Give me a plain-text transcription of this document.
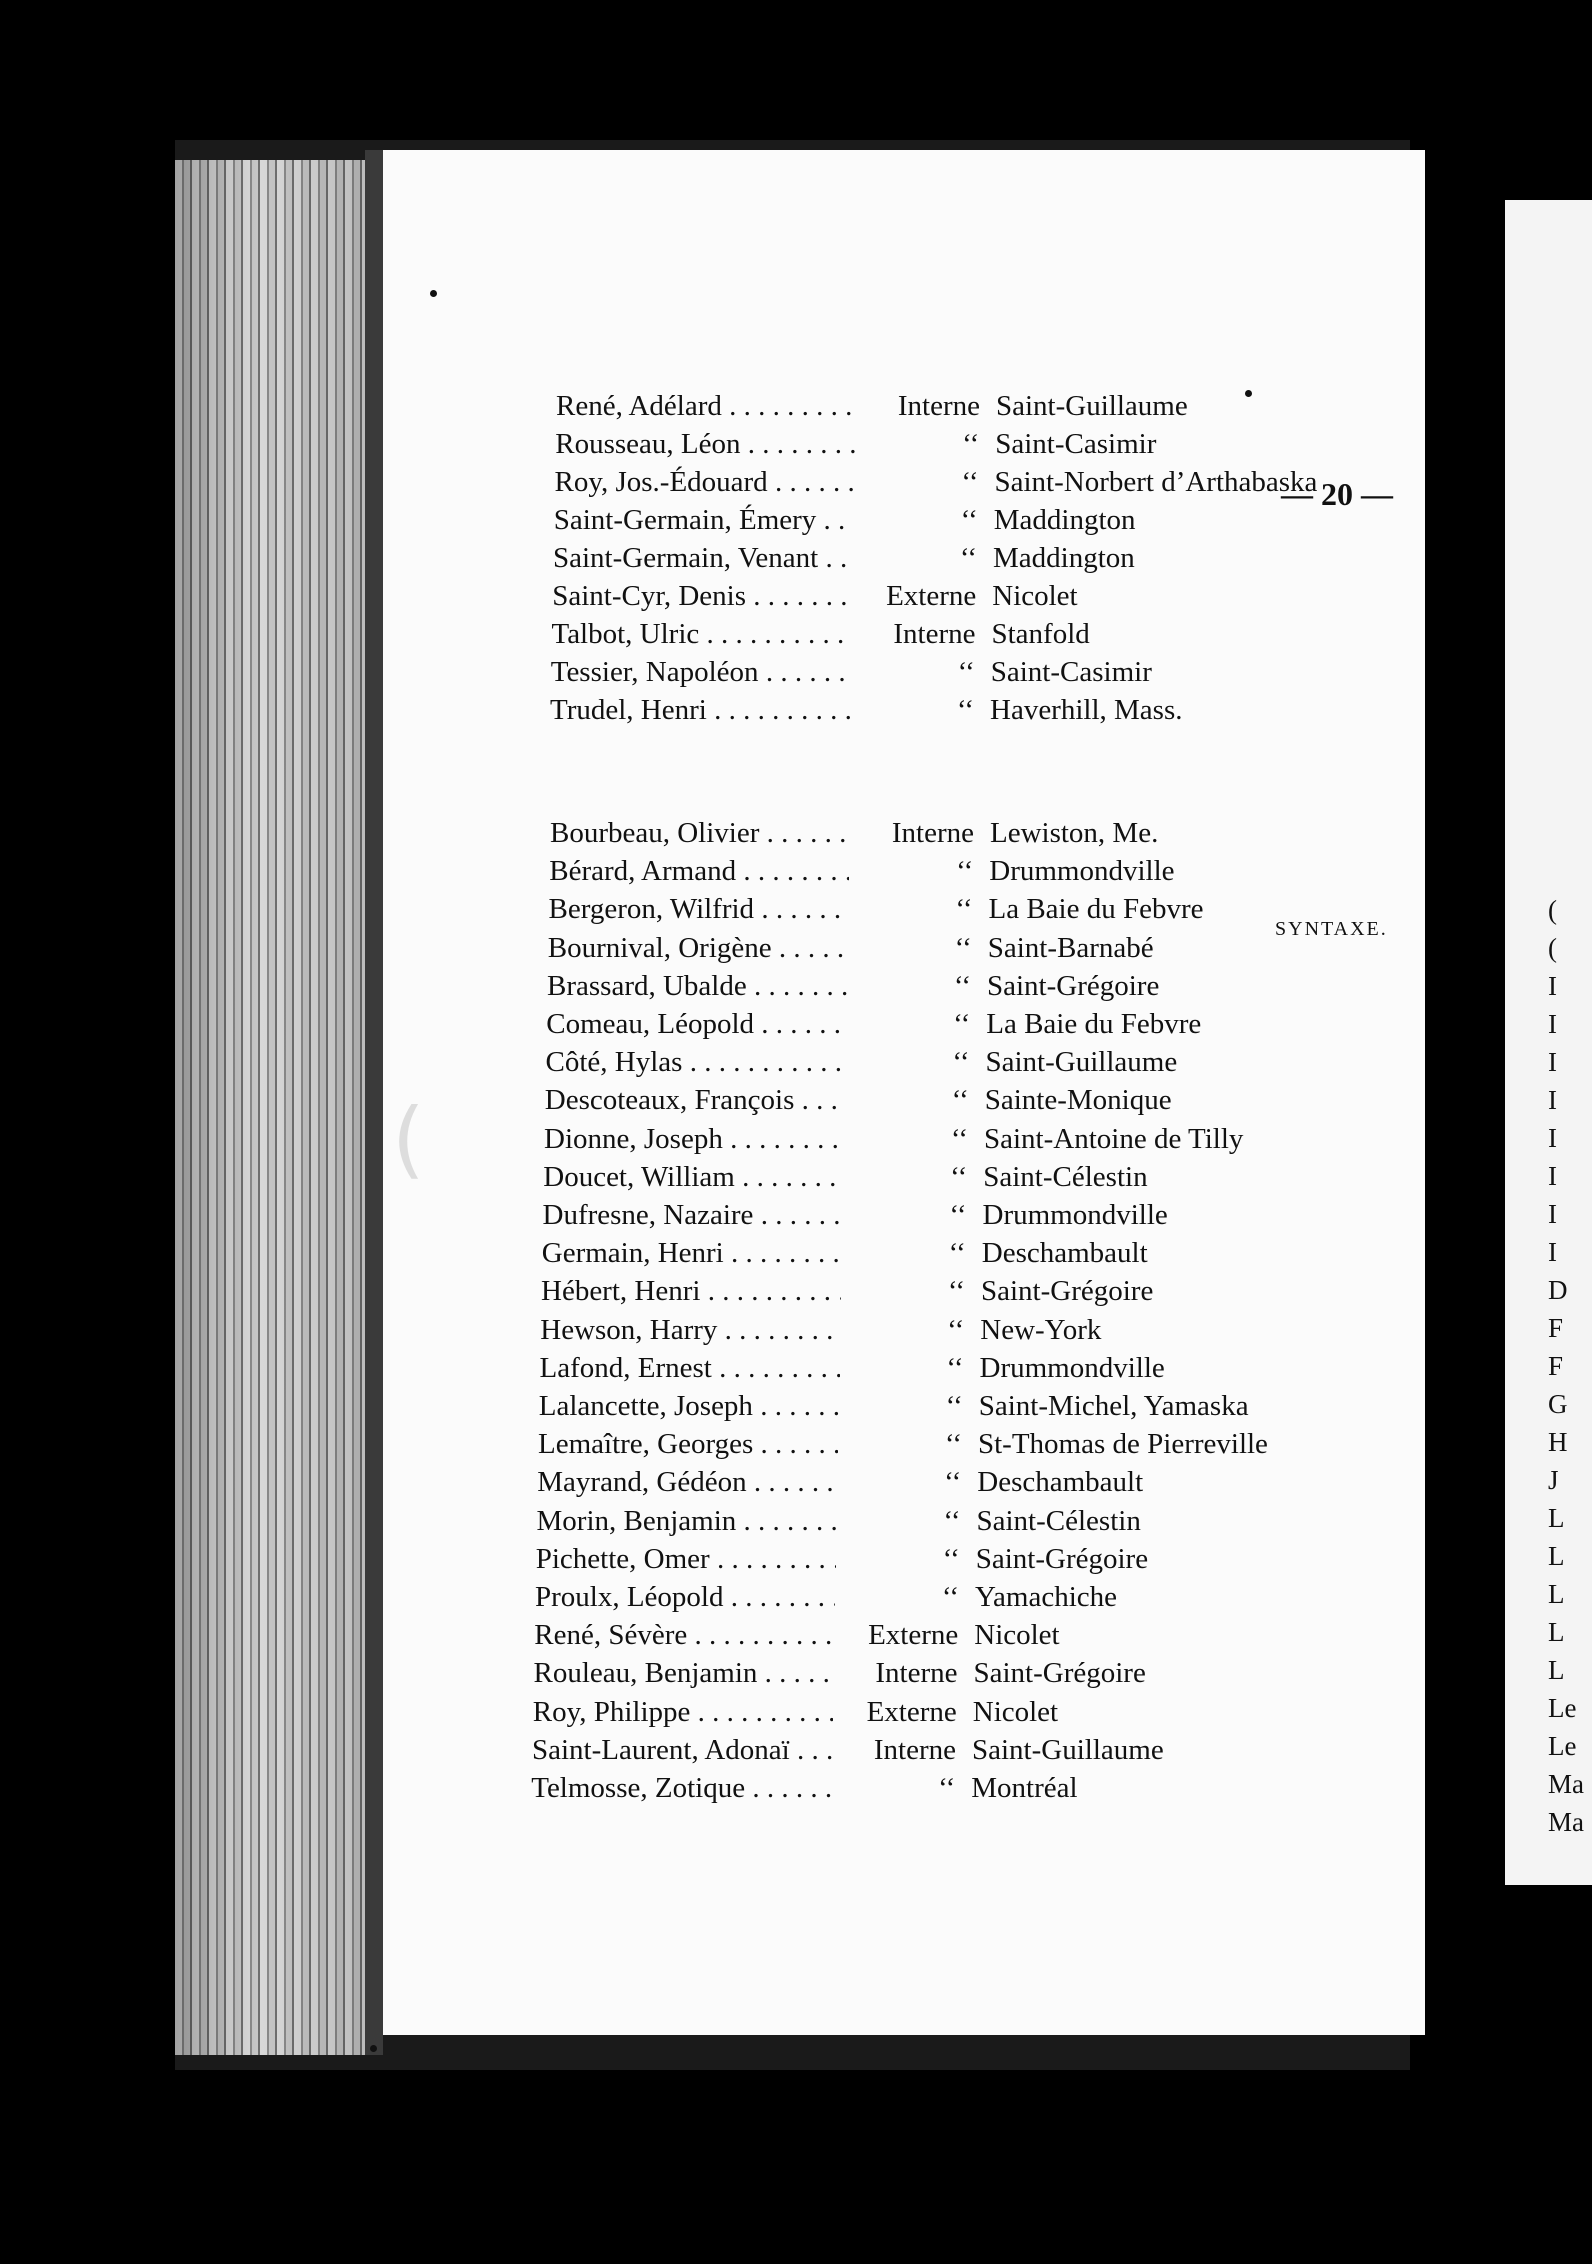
(
(
I
I
I
I
I
I
I
I
D
F
F
G
H
J
L
L
L
L
L
Le
Le
Ma
Ma
— 20 —
René, Adélard . . .	Interne Saint-Guillaume
Rousseau, Léon . . .	‘‘ Saint-Casimir
Roy, Jos.-Édouard . . .	‘‘ Saint-Norbert d’Arthabaska
Saint-Germain, Émery . . .	‘‘ Maddington
Saint-Germain, Venant . . .	‘‘ Maddington
Saint-Cyr, Denis . . .	Externe Nicolet
Talbot, Ulric . . .	Interne Stanfold
Tessier, Napoléon . . .	‘‘ Saint-Casimir
Trudel, Henri . . .	‘‘ Haverhill, Mass.
SYNTAXE.
Bourbeau, Olivier . . .	Interne Lewiston, Me.
Bérard, Armand . . .	‘‘ Drummondville
Bergeron, Wilfrid . . .	‘‘ La Baie du Febvre
Bournival, Origène . . .	‘‘ Saint-Barnabé
Brassard, Ubalde . . .	‘‘ Saint-Grégoire
Comeau, Léopold . . .	‘‘ La Baie du Febvre
Côté, Hylas . . .	‘‘ Saint-Guillaume
Descoteaux, François . . .	‘‘ Sainte-Monique
Dionne, Joseph . . .	‘‘ Saint-Antoine de Tilly
Doucet, William . . .	‘‘ Saint-Célestin
Dufresne, Nazaire . . .	‘‘ Drummondville
Germain, Henri . . .	‘‘ Deschambault
Hébert, Henri . . .	‘‘ Saint-Grégoire
Hewson, Harry . . .	‘‘ New-York
Lafond, Ernest . . .	‘‘ Drummondville
Lalancette, Joseph . . .	‘‘ Saint-Michel, Yamaska
Lemaître, Georges . . .	‘‘ St-Thomas de Pierreville
Mayrand, Gédéon . . .	‘‘ Deschambault
Morin, Benjamin . . .	‘‘ Saint-Célestin
Pichette, Omer . . .	‘‘ Saint-Grégoire
Proulx, Léopold . . .	‘‘ Yamachiche
René, Sévère . . .	Externe Nicolet
Rouleau, Benjamin . . .	Interne Saint-Grégoire
Roy, Philippe . . .	Externe Nicolet
Saint-Laurent, Adonaï . . .	Interne Saint-Guillaume
Telmosse, Zotique . . .	‘‘ Montréal
(
